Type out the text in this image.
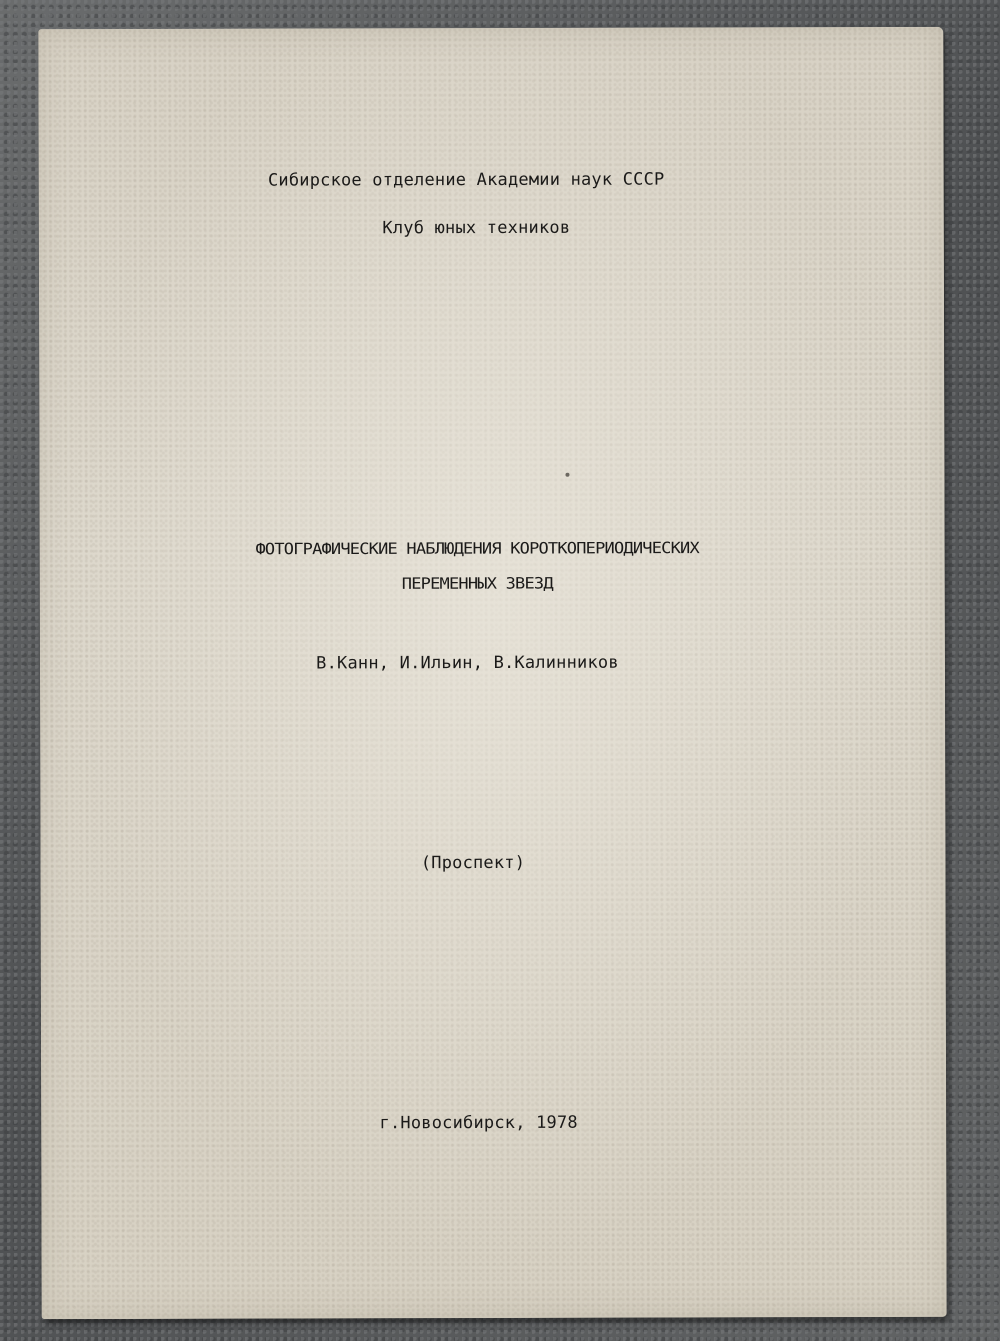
Сибирское отделение Академии наук СССР
Клуб юных техников
ФОТОГРАФИЧЕСКИЕ НАБЛЮДЕНИЯ КОРОТКОПЕРИОДИЧЕСКИХ
ПЕРЕМЕННЫХ ЗВЕЗД
В.Канн, И.Ильин, В.Калинников
(Проспект)
г.Новосибирск, 1978
